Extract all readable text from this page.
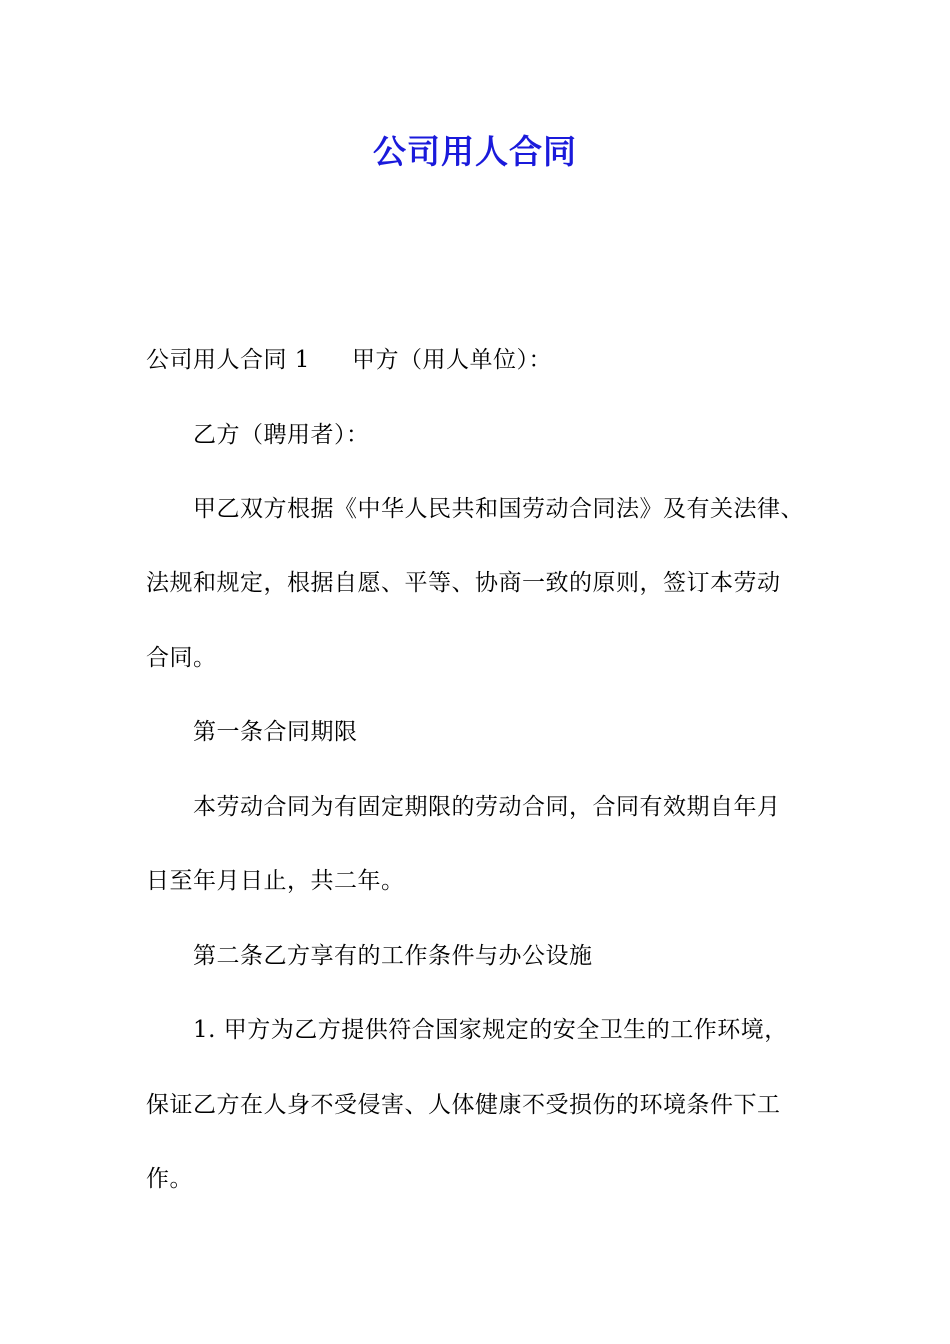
公司用人合同
公司用人合同 1 甲方（用人单位）：
乙方（聘用者）：
甲乙双方根据《中华人民共和国劳动合同法》及有关法律、
法规和规定，根据自愿、平等、协商一致的原则，签订本劳动
合同。
第一条合同期限
本劳动合同为有固定期限的劳动合同，合同有效期自年月
日至年月日止，共二年。
第二条乙方享有的工作条件与办公设施
1. 甲方为乙方提供符合国家规定的安全卫生的工作环境，
保证乙方在人身不受侵害、人体健康不受损伤的环境条件下工
作。
